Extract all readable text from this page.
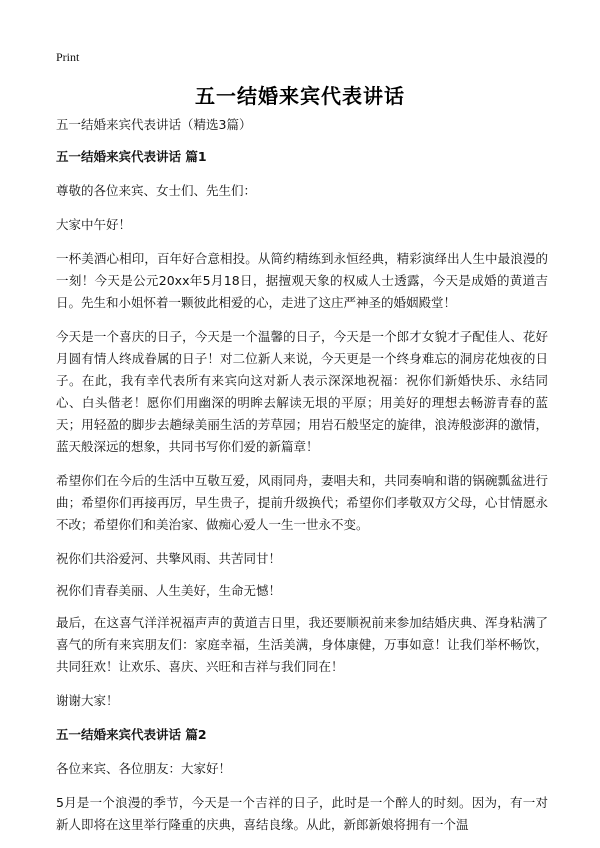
Print
五一结婚来宾代表讲话

五一结婚来宾代表讲话（精选3篇）

五一结婚来宾代表讲话 篇1

尊敬的各位来宾、女士们、先生们：

大家中午好！

一杯美酒心相印，百年好合意相投。从简约精练到永恒经典，精彩演绎出人生中最浪漫的一刻！今天是公元20xx年5月18日，据擅观天象的权威人士透露，今天是成婚的黄道吉日。先生和小姐怀着一颗彼此相爱的心，走进了这庄严神圣的婚姻殿堂！

今天是一个喜庆的日子，今天是一个温馨的日子，今天是一个郎才女貌才子配佳人、花好月圆有情人终成眷属的日子！对二位新人来说，今天更是一个终身难忘的洞房花烛夜的日子。在此，我有幸代表所有来宾向这对新人表示深深地祝福：祝你们新婚快乐、永结同心、白头偕老！愿你们用幽深的明眸去解读无垠的平原；用美好的理想去畅游青春的蓝天；用轻盈的脚步去趟绿美丽生活的芳草园；用岩石般坚定的旋律，浪涛般澎湃的激情，蓝天般深远的想象，共同书写你们爱的新篇章！

希望你们在今后的生活中互敬互爱，风雨同舟，妻唱夫和，共同奏响和谐的锅碗瓢盆进行曲；希望你们再接再厉，早生贵子，提前升级换代；希望你们孝敬双方父母，心甘情愿永不改；希望你们和美治家、做痴心爱人一生一世永不变。

祝你们共浴爱河、共擎风雨、共苦同甘！

祝你们青春美丽、人生美好，生命无憾！

最后，在这喜气洋洋祝福声声的黄道吉日里，我还要顺祝前来参加结婚庆典、浑身粘满了喜气的所有来宾朋友们：家庭幸福，生活美满，身体康健，万事如意！让我们举杯畅饮，共同狂欢！让欢乐、喜庆、兴旺和吉祥与我们同在！

谢谢大家！

五一结婚来宾代表讲话 篇2

各位来宾、各位朋友：大家好！

5月是一个浪漫的季节，今天是一个吉祥的日子，此时是一个醉人的时刻。因为，有一对新人即将在这里举行隆重的庆典，喜结良缘。从此，新郎新娘将拥有一个温
